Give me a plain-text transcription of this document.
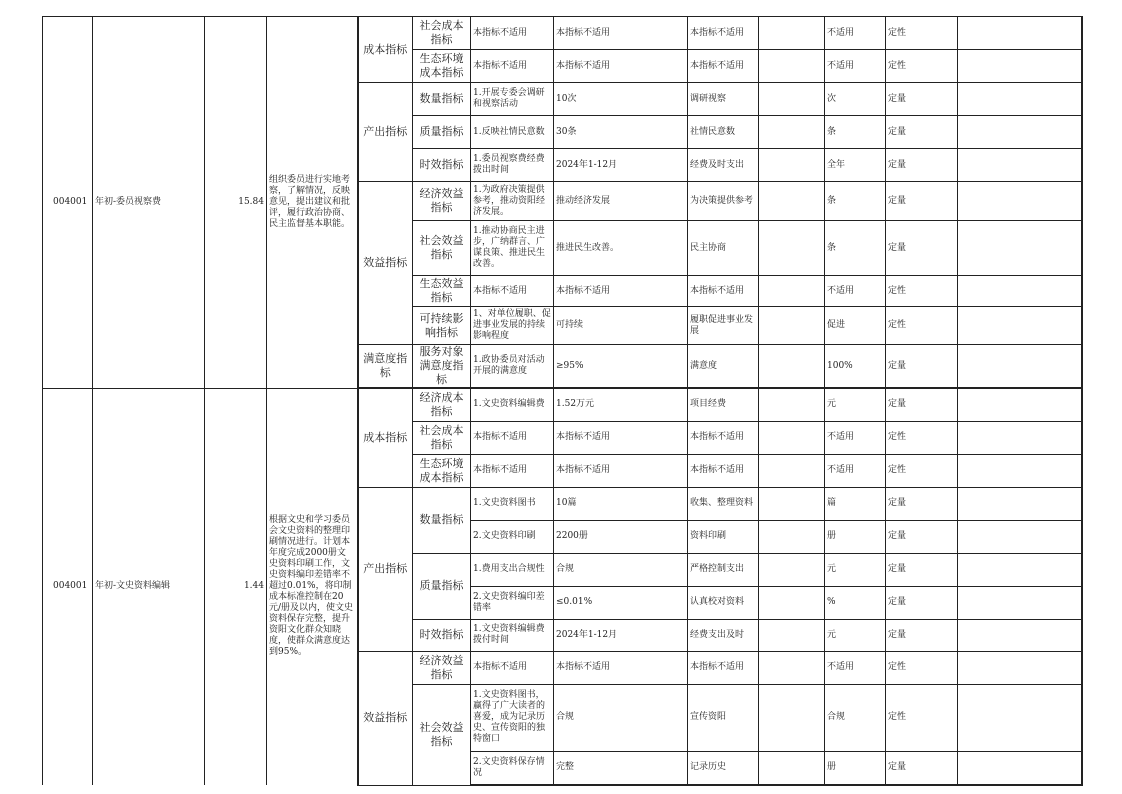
004001	年初-委员视察费	15.84	组织委员进行实地考察，了解情况，反映意见，提出建议和批评，履行政治协商、民主监督基本职能。	成本指标	社会成本指标	本指标不适用	本指标不适用	本指标不适用		不适用	定性	
					生态环境成本指标	本指标不适用	本指标不适用	本指标不适用		不适用	定性	
				产出指标	数量指标	1.开展专委会调研和视察活动	10次	调研视察		次	定量	
					质量指标	1.反映社情民意数	30条	社情民意数		条	定量	
					时效指标	1.委员视察费经费拨出时间	2024年1-12月	经费及时支出		全年	定量	
				效益指标	经济效益指标	1.为政府决策提供参考，推动资阳经济发展。	推动经济发展	为决策提供参考		条	定量	
					社会效益指标	1.推动协商民主进步，广纳群言、广谋良策、推进民生改善。	推进民生改善。	民主协商		条	定量	
					生态效益指标	本指标不适用	本指标不适用	本指标不适用		不适用	定性	
					可持续影响指标	1、对单位履职、促进事业发展的持续影响程度	可持续	履职促进事业发展		促进	定性	
				满意度指标	服务对象满意度指标	1.政协委员对活动开展的满意度	≥95%	满意度		100%	定量	
004001	年初-文史资料编辑	1.44	根据文史和学习委员会文史资料的整理印刷情况进行。计划本年度完成2000册文史资料印刷工作，文史资料编印差错率不超过0.01%，将印制成本标准控制在20元/册及以内，使文史资料保存完整，提升资阳文化群众知晓度，使群众满意度达到95%。	成本指标	经济成本指标	1.文史资料编辑费	1.52万元	项目经费		元	定量	
					社会成本指标	本指标不适用	本指标不适用	本指标不适用		不适用	定性	
					生态环境成本指标	本指标不适用	本指标不适用	本指标不适用		不适用	定性	
				产出指标	数量指标	1.文史资料图书	10篇	收集、整理资料		篇	定量	
						2.文史资料印刷	2200册	资料印刷		册	定量	
					质量指标	1.费用支出合规性	合规	严格控制支出		元	定量	
						2.文史资料编印差错率	≤0.01%	认真校对资料		%	定量	
					时效指标	1.文史资料编辑费拨付时间	2024年1-12月	经费支出及时		元	定量	
				效益指标	经济效益指标	本指标不适用	本指标不适用	本指标不适用		不适用	定性	
					社会效益指标	1.文史资料图书，赢得了广大读者的喜爱，成为记录历史、宣传资阳的独特窗口	合规	宣传资阳		合规	定性	
						2.文史资料保存情况	完整	记录历史		册	定量	
